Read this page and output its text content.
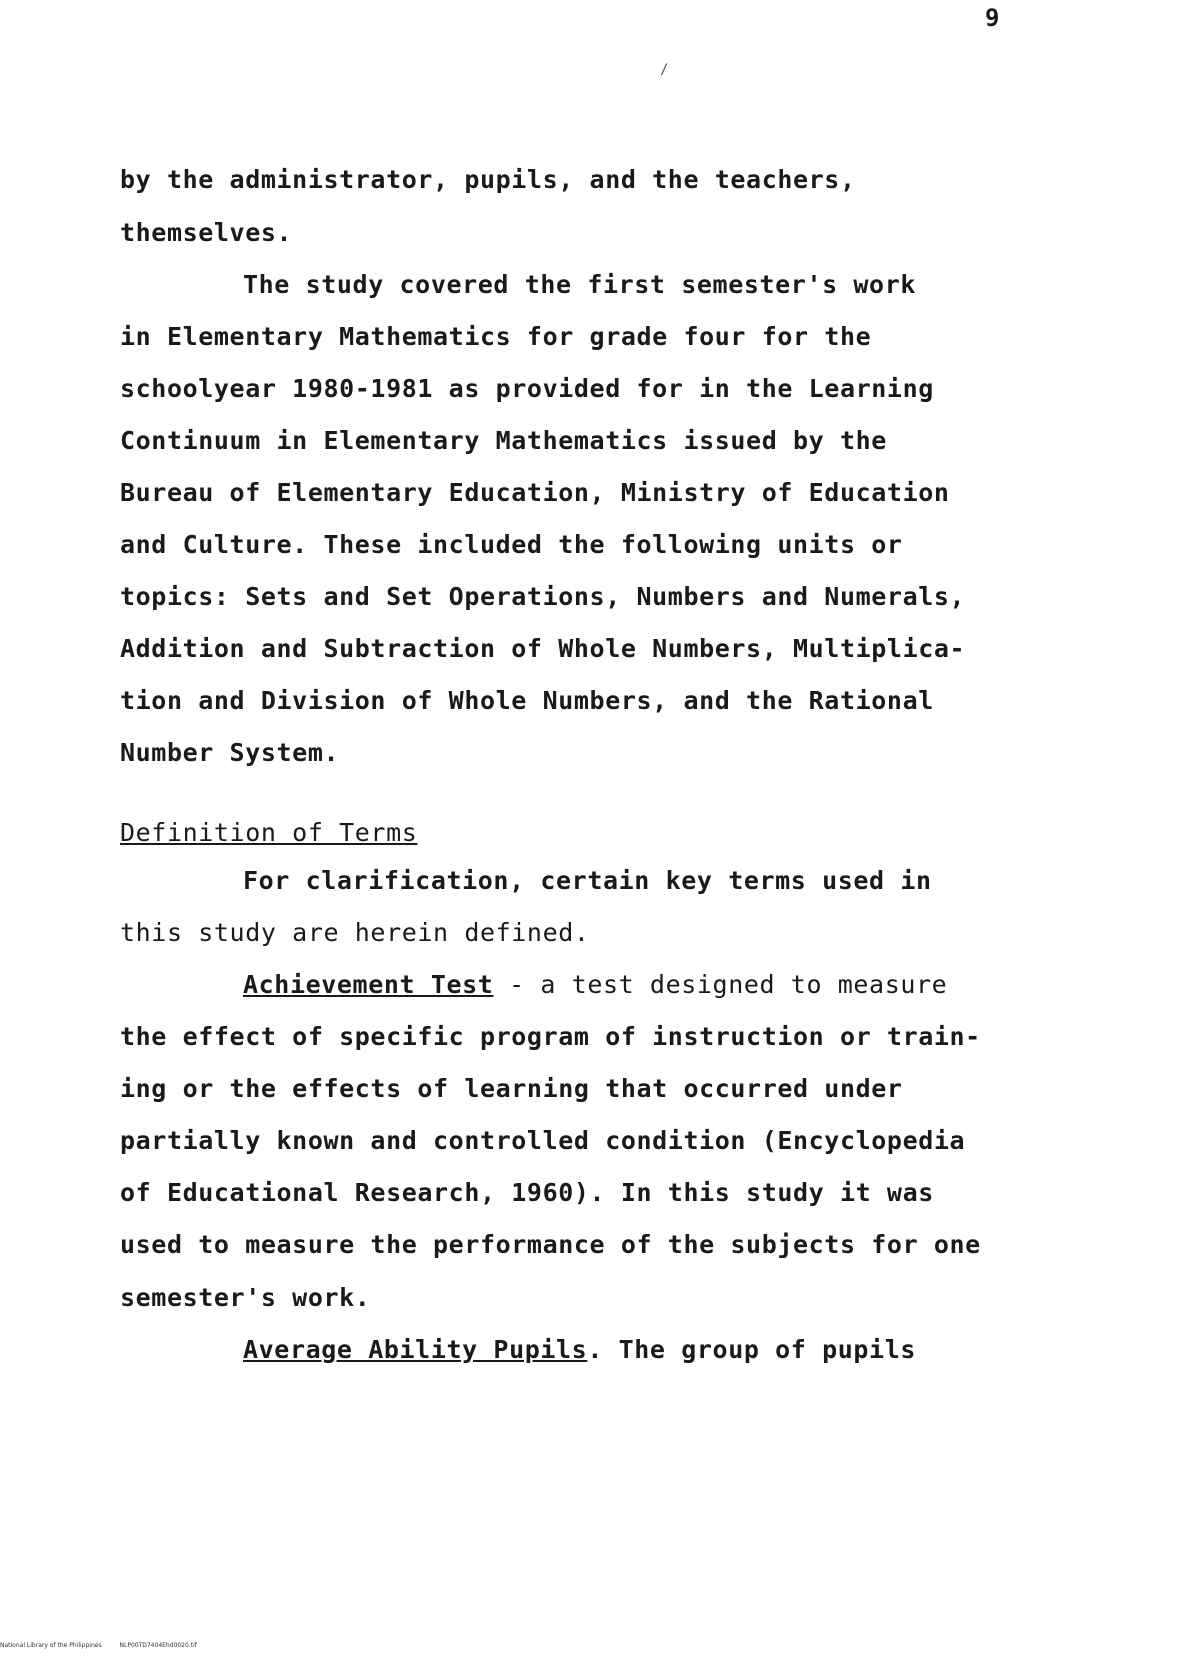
9
/
by the administrator, pupils, and the teachers,
themselves.
The study covered the first semester's work
in Elementary Mathematics for grade four for the
schoolyear 1980-1981 as provided for in the Learning
Continuum in Elementary Mathematics issued by the
Bureau of Elementary Education, Ministry of Education
and Culture. These included the following units or
topics: Sets and Set Operations, Numbers and Numerals,
Addition and Subtraction of Whole Numbers, Multiplica-
tion and Division of Whole Numbers, and the Rational
Number System.
Definition of Terms
For clarification, certain key terms used in
this study are herein defined.
Achievement Test - a test designed to measure
the effect of specific program of instruction or train-
ing or the effects of learning that occurred under
partially known and controlled condition (Encyclopedia
of Educational Research, 1960). In this study it was
used to measure the performance of the subjects for one
semester's work.
Average Ability Pupils. The group of pupils
National Library of the Philippines	NLP00TD7404Ehd0020.tif
